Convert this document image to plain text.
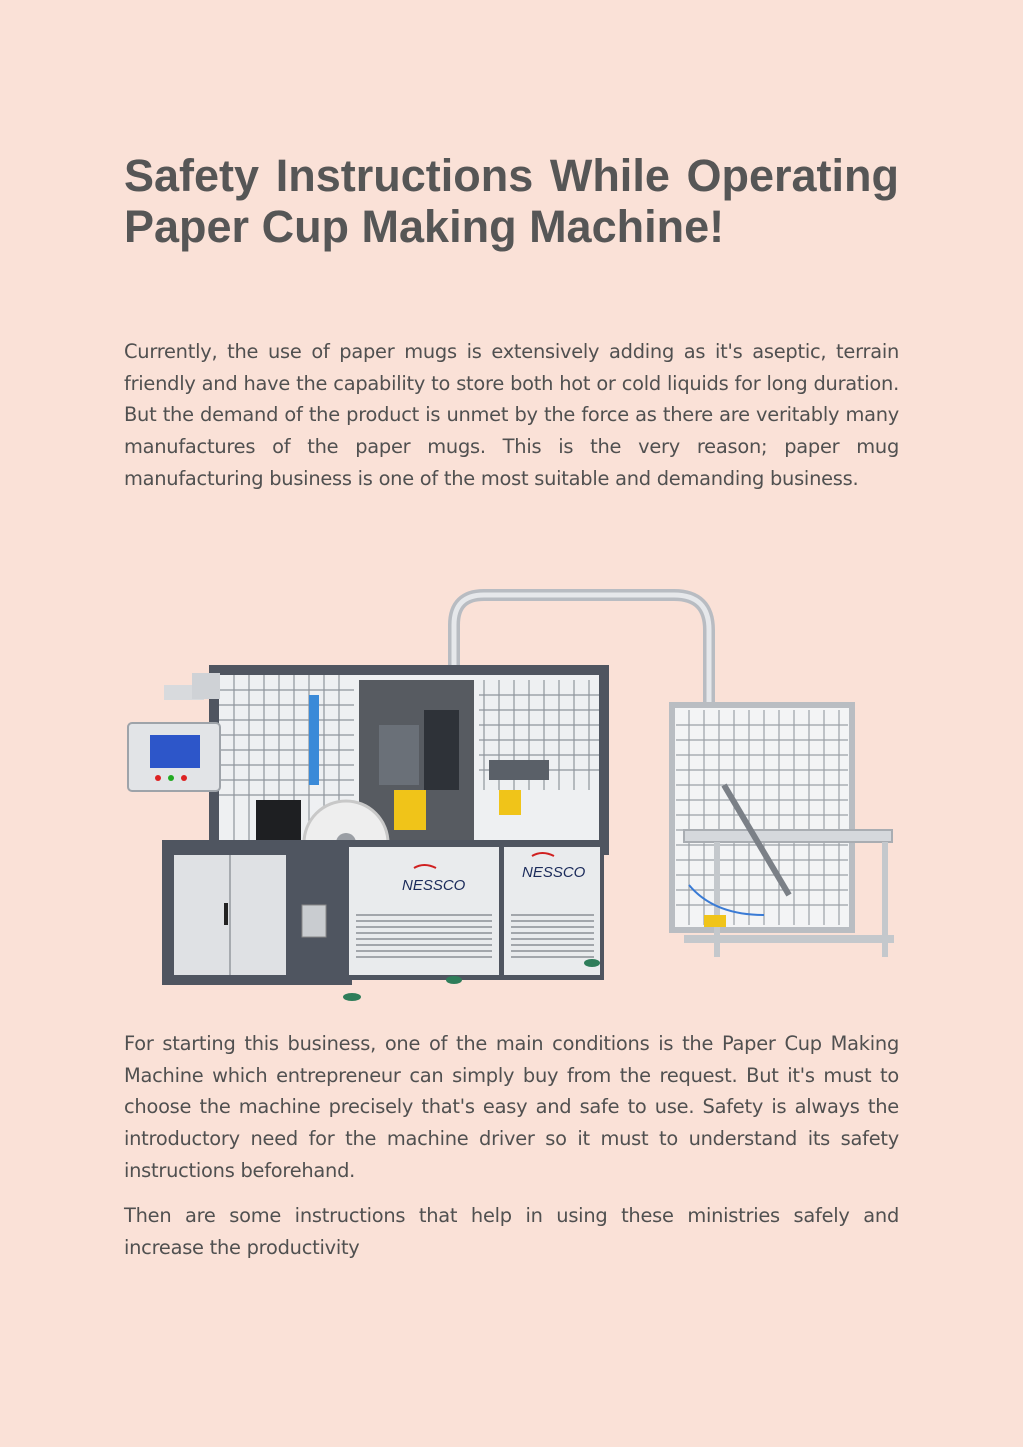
Safety Instructions While Operating Paper Cup Making Machine!

Currently, the use of paper mugs is extensively adding as it's aseptic, terrain friendly and have the capability to store both hot or cold liquids for long duration. But the demand of the product is unmet by the force as there are veritably many manufactures of the paper mugs. This is the very reason; paper mug manufacturing business is one of the most suitable and demanding business.

NESSCO
NESSCO

For starting this business, one of the main conditions is the Paper Cup Making Machine which entrepreneur can simply buy from the request. But it's must to choose the machine precisely that's easy and safe to use. Safety is always the introductory need for the machine driver so it must to understand its safety instructions beforehand.

Then are some instructions that help in using these ministries safely and increase the productivity
